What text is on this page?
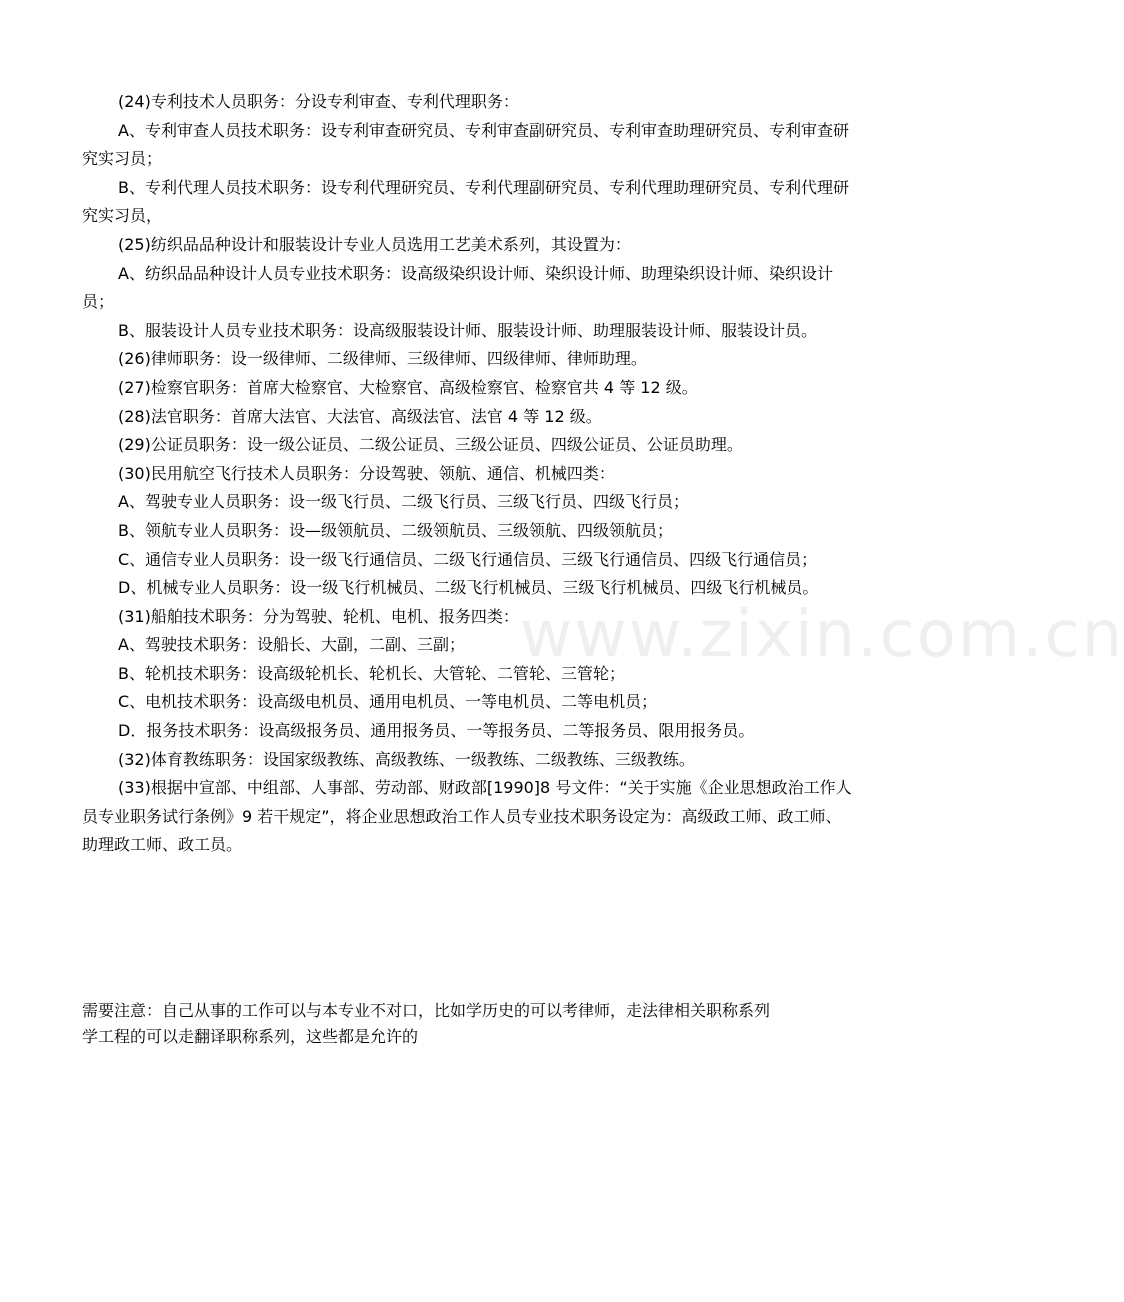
(24)专利技术人员职务：分设专利审查、专利代理职务：

A、专利审查人员技术职务：设专利审查研究员、专利审查副研究员、专利审查助理研究员、专利审查研究实习员；

B、专利代理人员技术职务：设专利代理研究员、专利代理副研究员、专利代理助理研究员、专利代理研究实习员，

(25)纺织品品种设计和服装设计专业人员选用工艺美术系列，其设置为：

A、纺织品品种设计人员专业技术职务：设高级染织设计师、染织设计师、助理染织设计师、染织设计员；

B、服装设计人员专业技术职务：设高级服装设计师、服装设计师、助理服装设计师、服装设计员。

(26)律师职务：设一级律师、二级律师、三级律师、四级律师、律师助理。

(27)检察官职务：首席大检察官、大检察官、高级检察官、检察官共 4 等 12 级。

(28)法官职务：首席大法官、大法官、高级法官、法官 4 等 12 级。

(29)公证员职务：设一级公证员、二级公证员、三级公证员、四级公证员、公证员助理。

(30)民用航空飞行技术人员职务：分设驾驶、领航、通信、机械四类：

A、驾驶专业人员职务：设一级飞行员、二级飞行员、三级飞行员、四级飞行员；

B、领航专业人员职务：设—级领航员、二级领航员、三级领航、四级领航员；

C、通信专业人员职务：设一级飞行通信员、二级飞行通信员、三级飞行通信员、四级飞行通信员；

D、机械专业人员职务：设一级飞行机械员、二级飞行机械员、三级飞行机械员、四级飞行机械员。

(31)船舶技术职务：分为驾驶、轮机、电机、报务四类：

A、驾驶技术职务：设船长、大副，二副、三副；

B、轮机技术职务：设高级轮机长、轮机长、大管轮、二管轮、三管轮；

C、电机技术职务：设高级电机员、通用电机员、一等电机员、二等电机员；

D．报务技术职务：设高级报务员、通用报务员、一等报务员、二等报务员、限用报务员。

(32)体育教练职务：设国家级教练、高级教练、一级教练、二级教练、三级教练。

(33)根据中宣部、中组部、人事部、劳动部、财政部[1990]8 号文件：“关于实施《企业思想政治工作人员专业职务试行条例》9 若干规定”，将企业思想政治工作人员专业技术职务设定为：高级政工师、政工师、助理政工师、政工员。

需要注意：自己从事的工作可以与本专业不对口，比如学历史的可以考律师，走法律相关职称系列

学工程的可以走翻译职称系列，这些都是允许的

www.zixin.com.cn
